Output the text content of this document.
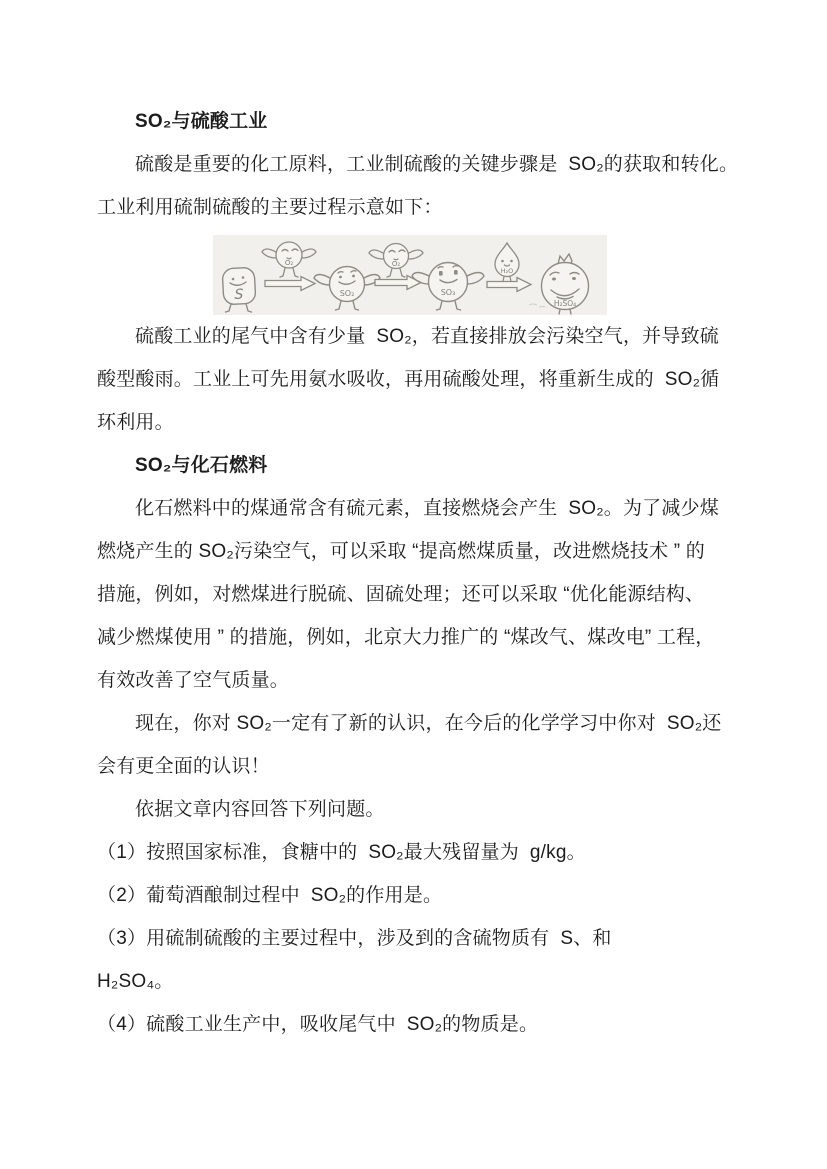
SO₂与硫酸工业
硫酸是重要的化工原料，工业制硫酸的关键步骤是  SO₂的获取和转化。
工业利用硫制硫酸的主要过程示意如下：
S
O₂
SO₂
O₂
SO₃
H₂O
H₂SO₄
硫酸工业的尾气中含有少量  SO₂，若直接排放会污染空气，并导致硫
酸型酸雨。工业上可先用氨水吸收，再用硫酸处理，将重新生成的  SO₂循
环利用。
SO₂与化石燃料
化石燃料中的煤通常含有硫元素，直接燃烧会产生  SO₂。为了减少煤
燃烧产生的 SO₂污染空气，可以采取 “提高燃煤质量，改进燃烧技术 ” 的
措施，例如，对燃煤进行脱硫、固硫处理；还可以采取 “优化能源结构、
减少燃煤使用 ” 的措施，例如，北京大力推广的 “煤改气、煤改电” 工程，
有效改善了空气质量。
现在，你对 SO₂一定有了新的认识，在今后的化学学习中你对  SO₂还
会有更全面的认识！
依据文章内容回答下列问题。
（1）按照国家标准，食糖中的  SO₂最大残留量为  g/kg。
（2）葡萄酒酿制过程中  SO₂的作用是。
（3）用硫制硫酸的主要过程中，涉及到的含硫物质有  S、和
H₂SO₄。
（4）硫酸工业生产中，吸收尾气中  SO₂的物质是。
